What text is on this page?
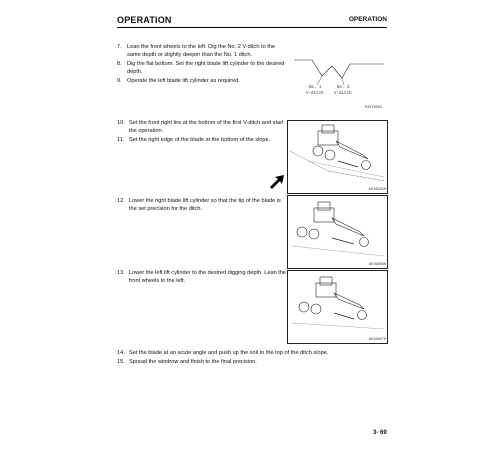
OPERATION	OPERATION
7. Lean the front wheels to the left. Dig the No. 2 V-ditch to the
same depth or slightly deeper than the No. 1 ditch.
8. Dig the flat bottom. Set the right blade lift cylinder to the desired
depth.
9. Operate the left blade lift cylinder as required.
No. 1
V-ditch
No. 2
V-ditch
R45Y0562
10. Set the front right tire at the bottom of the first V-ditch and start
the operation.
11. Set the right edge of the blade at the bottom of the slope.
AE195050
12. Lower the right blade lift cylinder so that the tip of the blade is
the set precision for the ditch.
AE196060
13. Lower the left lift cylinder to the desired digging depth. Lean the
front wheels to the left.
AE196070
14. Set the blade at an acute angle and push up the soil to the top of the ditch slope.
15. Spread the windrow and finish to the final precision.
3- 69
